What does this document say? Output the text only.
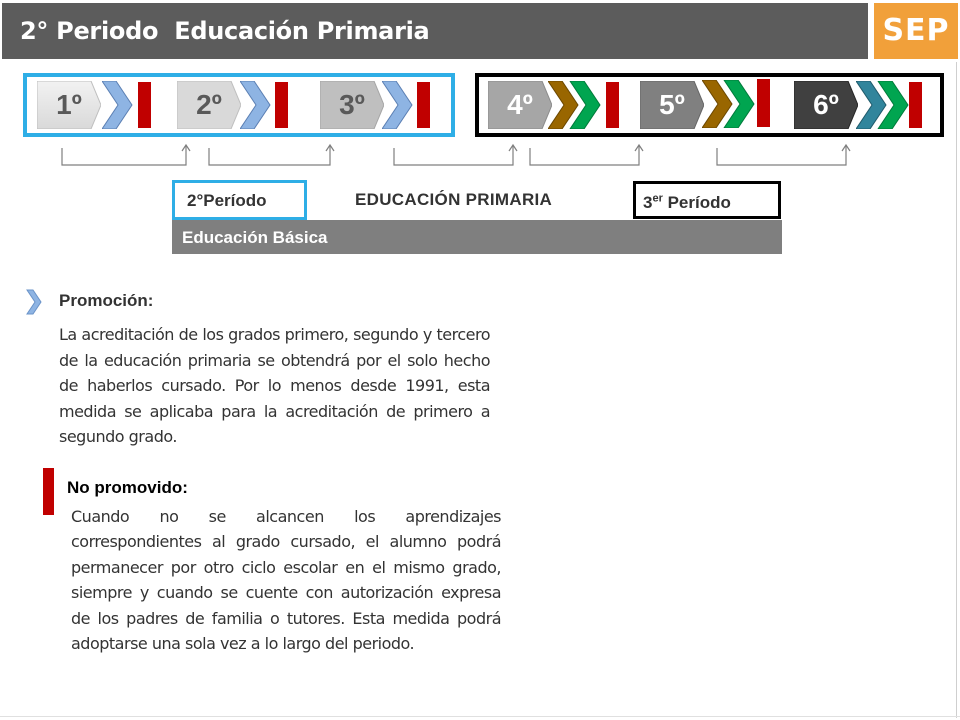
2° Periodo  Educación Primaria	SEP
1º	2º	3º	4º	5º	6º
Educación Básica
2°Período	EDUCACIÓN PRIMARIA	3er Período
Promoción:

La acreditación de los grados primero, segundo y tercero de la educación primaria se obtendrá por el solo hecho de haberlos cursado. Por lo menos desde 1991, esta medida se aplicaba para la acreditación de primero a segundo grado.

No promovido:

Cuando no se alcancen los aprendizajes correspondientes al grado cursado, el alumno podrá permanecer por otro ciclo escolar en el mismo grado, siempre y cuando se cuente con autorización expresa de los padres de familia o tutores. Esta medida podrá adoptarse una sola vez a lo largo del periodo.
